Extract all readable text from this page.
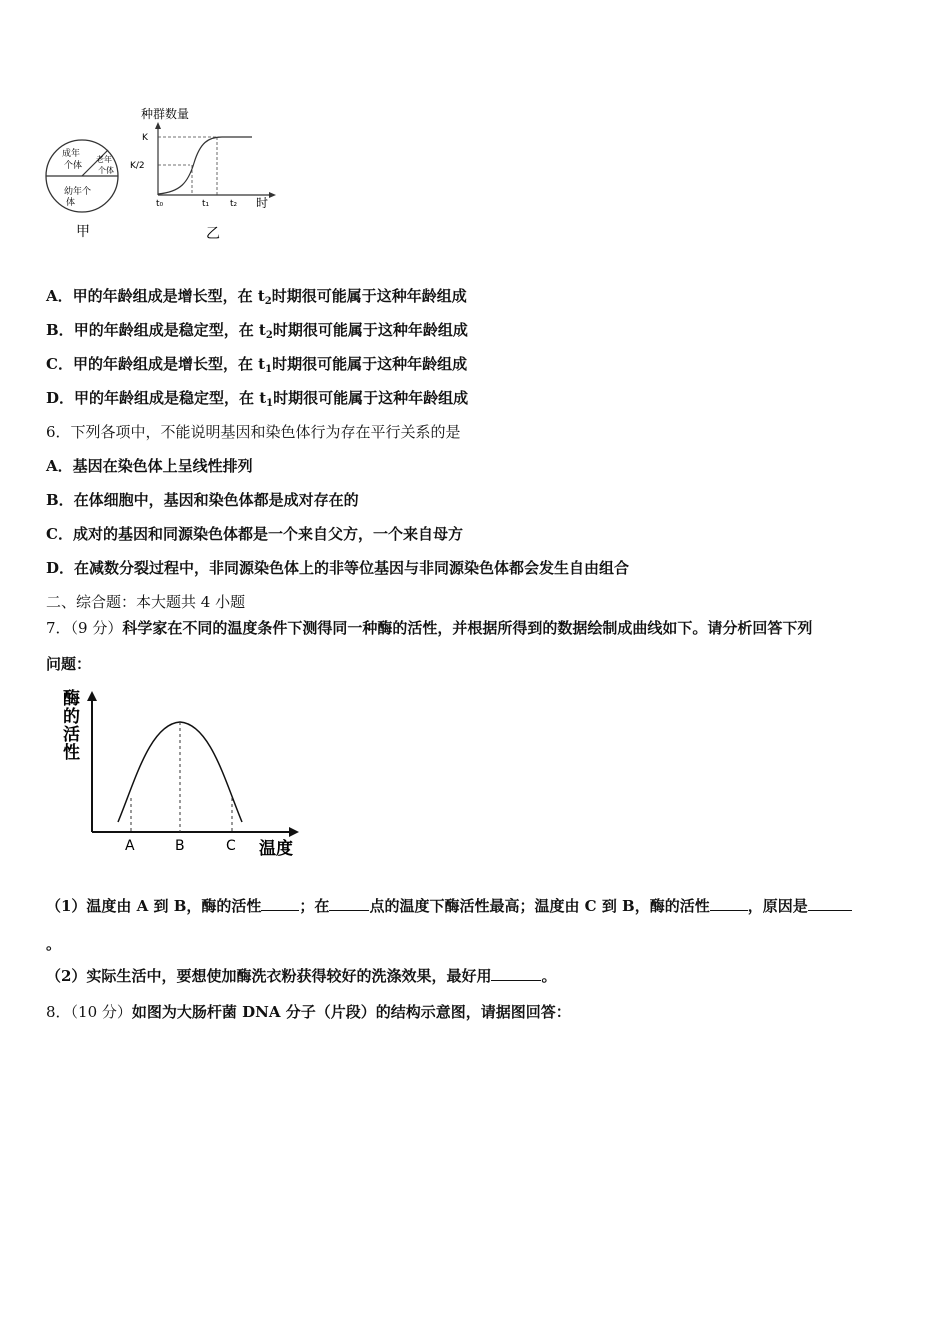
成年
个体
老年
个体
幼年个
体
种群数量
K
K/2
t₀	t₁ t₂ 时
甲	乙
A．甲的年龄组成是增长型，在 $t_2$时期很可能属于这种年龄组成
B．甲的年龄组成是稳定型，在 $t_2$时期很可能属于这种年龄组成
C．甲的年龄组成是增长型，在 $t_1$时期很可能属于这种年龄组成
D．甲的年龄组成是稳定型，在 $t_1$时期很可能属于这种年龄组成
6．下列各项中，不能说明基因和染色体行为存在平行关系的是
A．基因在染色体上呈线性排列
B．在体细胞中，基因和染色体都是成对存在的
C．成对的基因和同源染色体都是一个来自父方，一个来自母方
D．在减数分裂过程中，非同源染色体上的非等位基因与非同源染色体都会发生自由组合
二、综合题：本大题共 4 小题
7．（9 分）科学家在不同的温度条件下测得同一种酶的活性，并根据所得到的数据绘制成曲线如下。请分析回答下列
问题：
酶
的
活
性
A	B	C 温度
（1）温度由 A 到 B，酶的活性	；在	点的温度下酶活性最高；温度由 C 到 B，酶的活性	，原因是
。
（2）实际生活中，要想使加酶洗衣粉获得较好的洗涤效果，最好用	。
8．（10 分）如图为大肠杆菌 DNA 分子（片段）的结构示意图，请据图回答：
